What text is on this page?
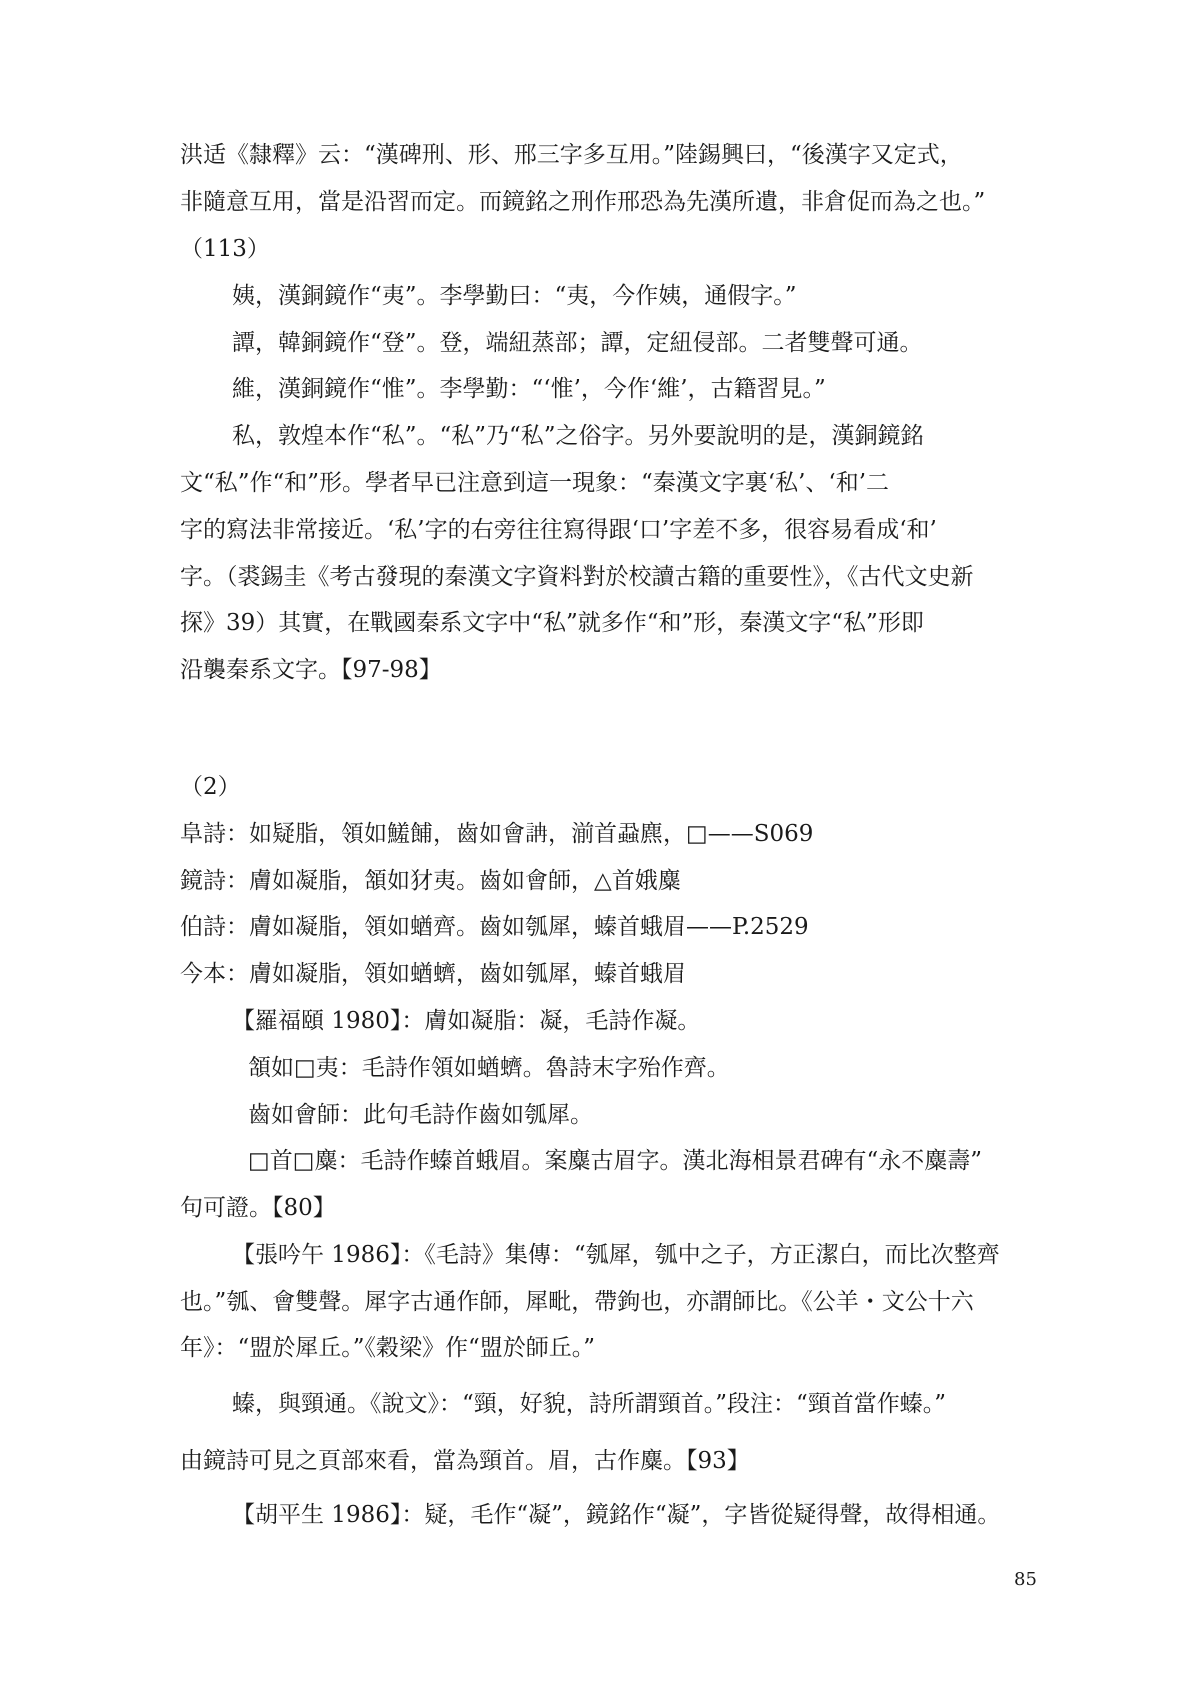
洪适《隸釋》云：“漢碑刑、形、邢三字多互用。”陸錫興曰，“後漢字又定式，
非隨意互用，當是沿習而定。而鏡銘之刑作邢恐為先漢所遺，非倉促而為之也。”
（113）
姨，漢銅鏡作“夷”。李學勤曰：“夷，今作姨，通假字。”
譚，韓銅鏡作“登”。登，端紐蒸部；譚，定紐侵部。二者雙聲可通。
維，漢銅鏡作“惟”。李學勤：“‘惟’，今作‘維’，古籍習見。”
私，敦煌本作“私”。“私”乃“私”之俗字。另外要說明的是，漢銅鏡銘
文“私”作“和”形。學者早已注意到這一現象：“秦漢文字裏‘私’、‘和’二
字的寫法非常接近。‘私’字的右旁往往寫得跟‘口’字差不多，很容易看成‘和’
字。（裘錫圭《考古發現的秦漢文字資料對於校讀古籍的重要性》，《古代文史新
探》39）其實，在戰國秦系文字中“私”就多作“和”形，秦漢文字“私”形即
沿襲秦系文字。【97-98】
（2）
阜詩：如疑脂，領如鱃餔，齒如會𧦦，湔首蝨麃，□——S069
鏡詩：膚如凝脂，頷如犲夷。齒如會師，△首娥麋
伯詩：膚如凝脂，領如蝤齊。齒如瓠犀，螓首蛾眉——P.2529
今本：膚如凝脂，領如蝤蠐，齒如瓠犀，螓首蛾眉
【羅福頤 1980】：膚如凝脂：凝，毛詩作凝。
頷如□夷：毛詩作領如蝤蠐。魯詩末字殆作齊。
齒如會師：此句毛詩作齒如瓠犀。
□首□麋：毛詩作螓首蛾眉。案麋古眉字。漢北海相景君碑有“永不麋壽”
句可證。【80】
【張吟午 1986】：《毛詩》集傳：“瓠犀，瓠中之子，方正潔白，而比次整齊
也。”瓠、會雙聲。犀字古通作師，犀毗，帶鉤也，亦謂師比。《公羊・文公十六
年》：“盟於犀丘。”《穀梁》作“盟於師丘。”
螓，與頸通。《說文》：“頸，好貌，詩所謂頸首。”段注：“頸首當作螓。”
由鏡詩可見之頁部來看，當為頸首。眉，古作麋。【93】
【胡平生 1986】：疑，毛作“凝”，鏡銘作“凝”，字皆從疑得聲，故得相通。
85
